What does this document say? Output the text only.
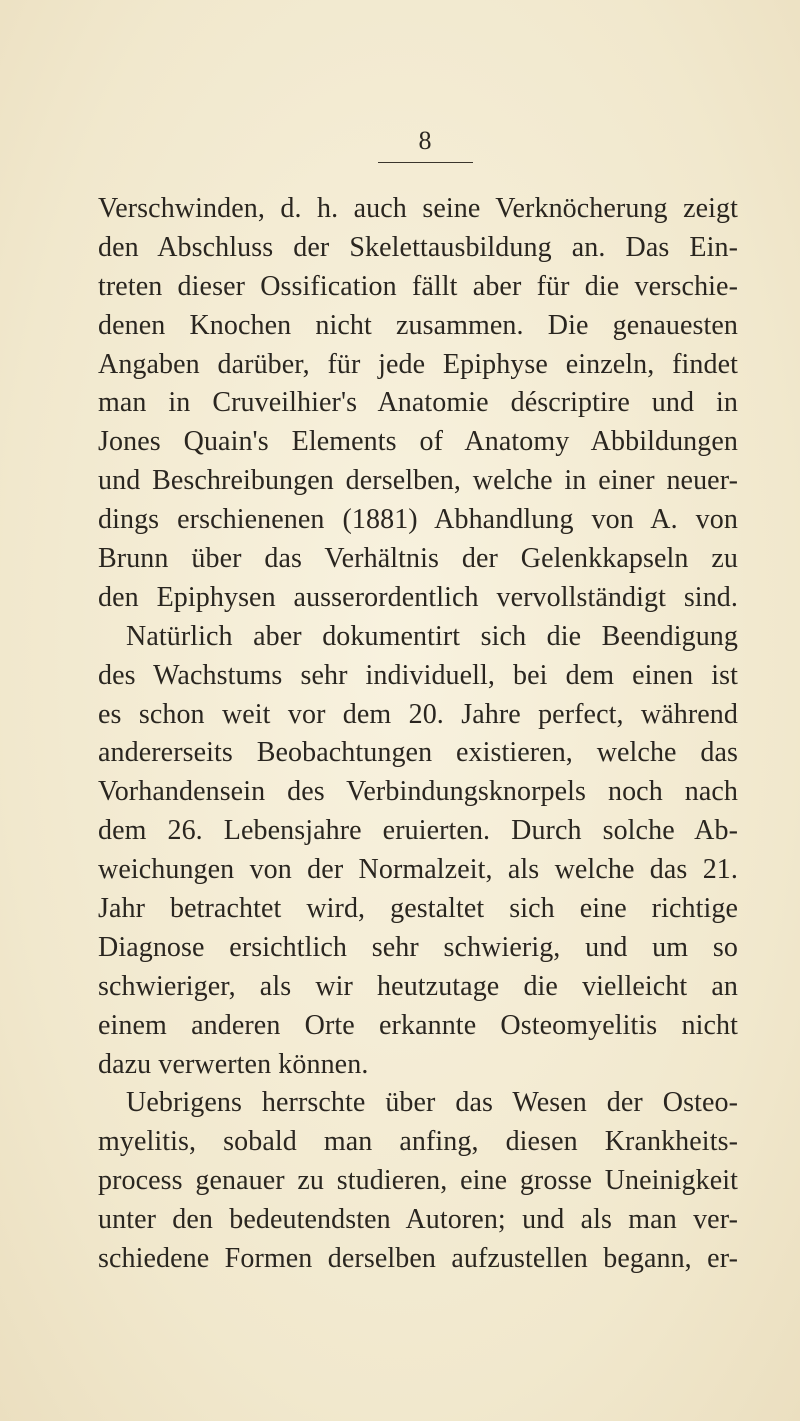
8
Verschwinden, d. h. auch seine Verknöcherung zeigt
den Abschluss der Skelettausbildung an. Das Ein-
treten dieser Ossification fällt aber für die verschie-
denen Knochen nicht zusammen. Die genauesten
Angaben darüber, für jede Epiphyse einzeln, findet
man in Cruveilhier's Anatomie déscriptire und in
Jones Quain's Elements of Anatomy Abbildungen
und Beschreibungen derselben, welche in einer neuer-
dings erschienenen (1881) Abhandlung von A. von
Brunn über das Verhältnis der Gelenkkapseln zu
den Epiphysen ausserordentlich vervollständigt sind.
Natürlich aber dokumentirt sich die Beendigung
des Wachstums sehr individuell, bei dem einen ist
es schon weit vor dem 20. Jahre perfect, während
andererseits Beobachtungen existieren, welche das
Vorhandensein des Verbindungsknorpels noch nach
dem 26. Lebensjahre eruierten. Durch solche Ab-
weichungen von der Normalzeit, als welche das 21.
Jahr betrachtet wird, gestaltet sich eine richtige
Diagnose ersichtlich sehr schwierig, und um so
schwieriger, als wir heutzutage die vielleicht an
einem anderen Orte erkannte Osteomyelitis nicht
dazu verwerten können.
Uebrigens herrschte über das Wesen der Osteo-
myelitis, sobald man anfing, diesen Krankheits-
process genauer zu studieren, eine grosse Uneinigkeit
unter den bedeutendsten Autoren; und als man ver-
schiedene Formen derselben aufzustellen begann, er-
